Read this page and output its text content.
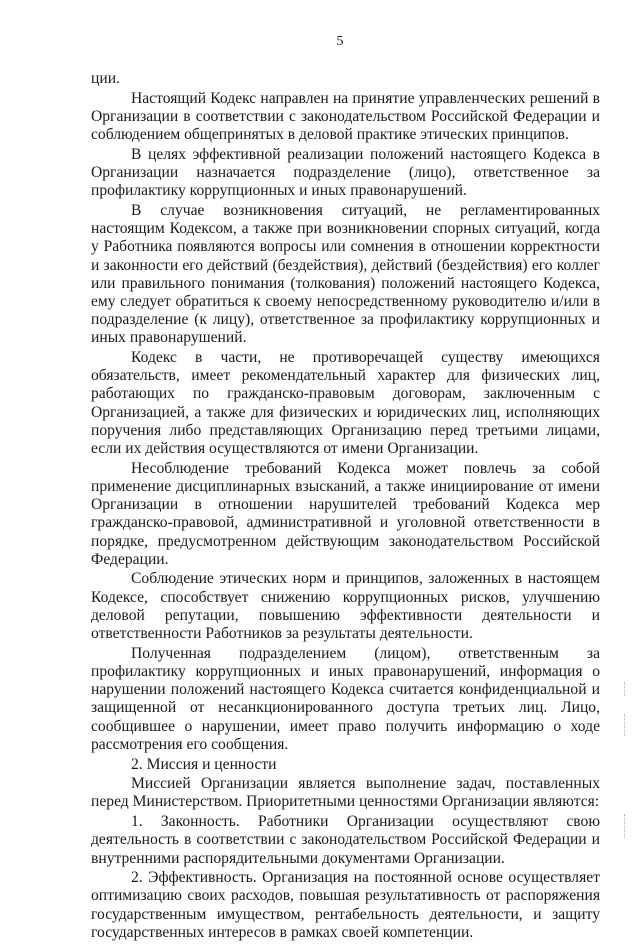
5

ции.

Настоящий Кодекс направлен на принятие управленческих решений в Организации в соответствии с законодательством Российской Федерации и соблюдением общепринятых в деловой практике этических принципов.

В целях эффективной реализации положений настоящего Кодекса в Организации назначается подразделение (лицо), ответственное за профилактику коррупционных и иных правонарушений.

В случае возникновения ситуаций, не регламентированных настоящим Кодексом, а также при возникновении спорных ситуаций, когда у Работника появляются вопросы или сомнения в отношении корректности и законности его действий (бездействия), действий (бездействия) его коллег или правильного понимания (толкования) положений настоящего Кодекса, ему следует обратиться к своему непосредственному руководителю и/или в подразделение (к лицу), ответственное за профилактику коррупционных и иных правонарушений.

Кодекс в части, не противоречащей существу имеющихся обязательств, имеет рекомендательный характер для физических лиц, работающих по гражданско-правовым договорам, заключенным с Организацией, а также для физических и юридических лиц, исполняющих поручения либо представляющих Организацию перед третьими лицами, если их действия осуществляются от имени Организации.

Несоблюдение требований Кодекса может повлечь за собой применение дисциплинарных взысканий, а также инициирование от имени Организации в отношении нарушителей требований Кодекса мер гражданско-правовой, административной и уголовной ответственности в порядке, предусмотренном действующим законодательством Российской Федерации.

Соблюдение этических норм и принципов, заложенных в настоящем Кодексе, способствует снижению коррупционных рисков, улучшению деловой репутации, повышению эффективности деятельности и ответственности Работников за результаты деятельности.

Полученная подразделением (лицом), ответственным за профилактику коррупционных и иных правонарушений, информация о нарушении положений настоящего Кодекса считается конфиденциальной и защищенной от несанкционированного доступа третьих лиц. Лицо, сообщившее о нарушении, имеет право получить информацию о ходе рассмотрения его сообщения.

2. Миссия и ценности

Миссией Организации является выполнение задач, поставленных перед Министерством. Приоритетными ценностями Организации являются:

1. Законность. Работники Организации осуществляют свою деятельность в соответствии с законодательством Российской Федерации и внутренними распорядительными документами Организации.

2. Эффективность. Организация на постоянной основе осуществляет оптимизацию своих расходов, повышая результативность от распоряжения государственным имуществом, рентабельность деятельности, и защиту государственных интересов в рамках своей компетенции.
